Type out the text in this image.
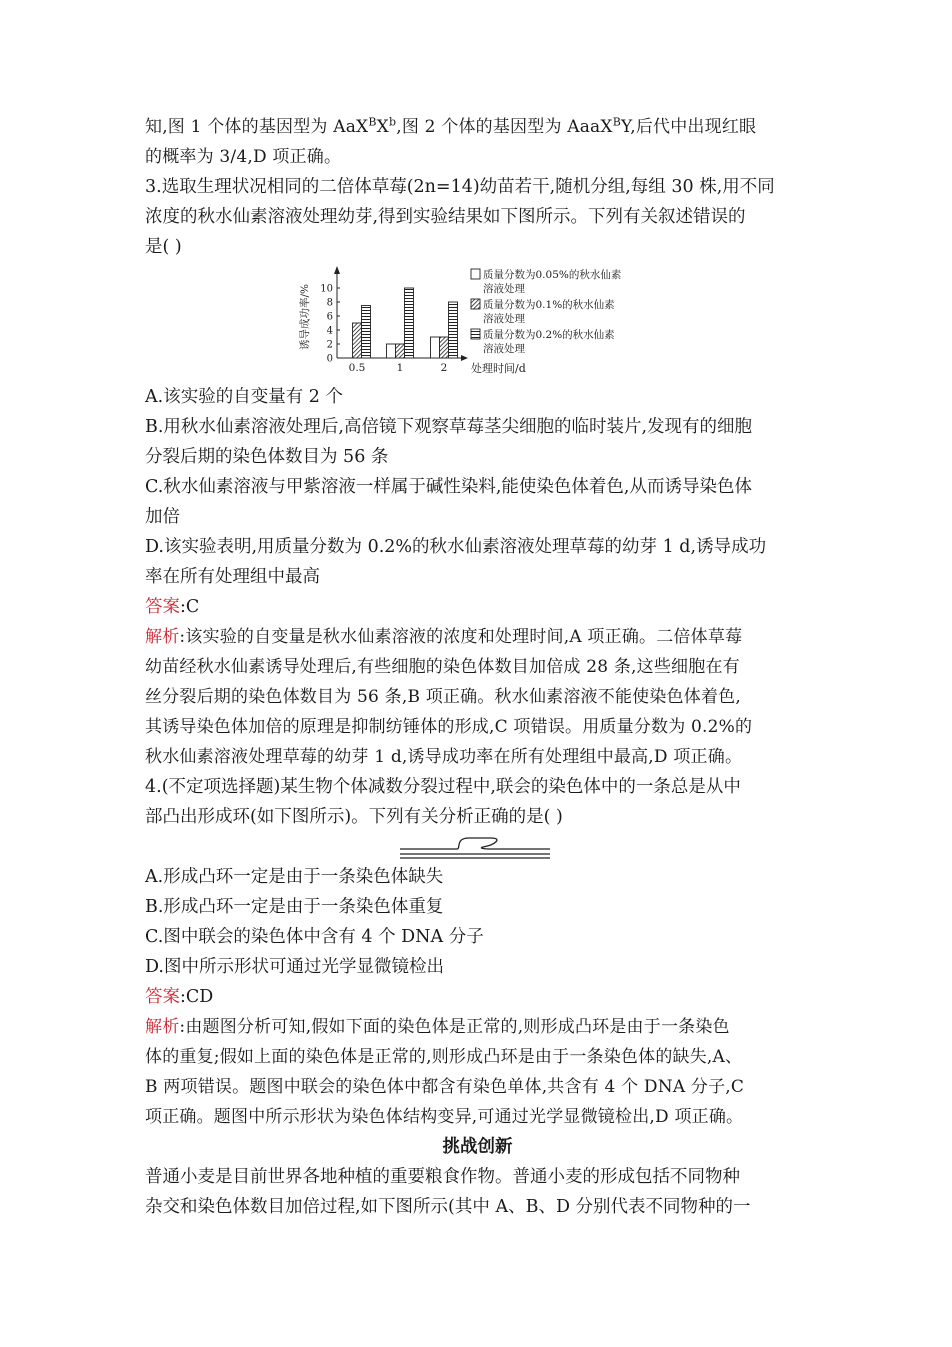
知,图 1 个体的基因型为 $AaX^BX^b$,图 2 个体的基因型为 AaaX$^B$Y,后代中出现红眼
的概率为 3/4,D 项正确。
3.选取生理状况相同的二倍体草莓(2n=14)幼苗若干,随机分组,每组 30 株,用不同
浓度的秋水仙素溶液处理幼芽,得到实验结果如下图所示。下列有关叙述错误的
是( )
0
2
4
6
8
10
诱导成功率/%
0.5	1	2 处理时间/d
质量分数为0.05%的秋水仙素
溶液处理
质量分数为0.1%的秋水仙素
溶液处理
质量分数为0.2%的秋水仙素
溶液处理
A.该实验的自变量有 2 个
B.用秋水仙素溶液处理后,高倍镜下观察草莓茎尖细胞的临时装片,发现有的细胞
分裂后期的染色体数目为 56 条
C.秋水仙素溶液与甲紫溶液一样属于碱性染料,能使染色体着色,从而诱导染色体
加倍
D.该实验表明,用质量分数为 0.2%的秋水仙素溶液处理草莓的幼芽 1 d,诱导成功
率在所有处理组中最高
答案:C
解析:该实验的自变量是秋水仙素溶液的浓度和处理时间,A 项正确。二倍体草莓
幼苗经秋水仙素诱导处理后,有些细胞的染色体数目加倍成 28 条,这些细胞在有
丝分裂后期的染色体数目为 56 条,B 项正确。秋水仙素溶液不能使染色体着色,
其诱导染色体加倍的原理是抑制纺锤体的形成,C 项错误。用质量分数为 0.2%的
秋水仙素溶液处理草莓的幼芽 1 d,诱导成功率在所有处理组中最高,D 项正确。
4.(不定项选择题)某生物个体减数分裂过程中,联会的染色体中的一条总是从中
部凸出形成环(如下图所示)。下列有关分析正确的是( )
A.形成凸环一定是由于一条染色体缺失
B.形成凸环一定是由于一条染色体重复
C.图中联会的染色体中含有 4 个 DNA 分子
D.图中所示形状可通过光学显微镜检出
答案:CD
解析:由题图分析可知,假如下面的染色体是正常的,则形成凸环是由于一条染色
体的重复;假如上面的染色体是正常的,则形成凸环是由于一条染色体的缺失,A、
B 两项错误。题图中联会的染色体中都含有染色单体,共含有 4 个 DNA 分子,C
项正确。题图中所示形状为染色体结构变异,可通过光学显微镜检出,D 项正确。
挑战创新
普通小麦是目前世界各地种植的重要粮食作物。普通小麦的形成包括不同物种
杂交和染色体数目加倍过程,如下图所示(其中 A、B、D 分别代表不同物种的一
